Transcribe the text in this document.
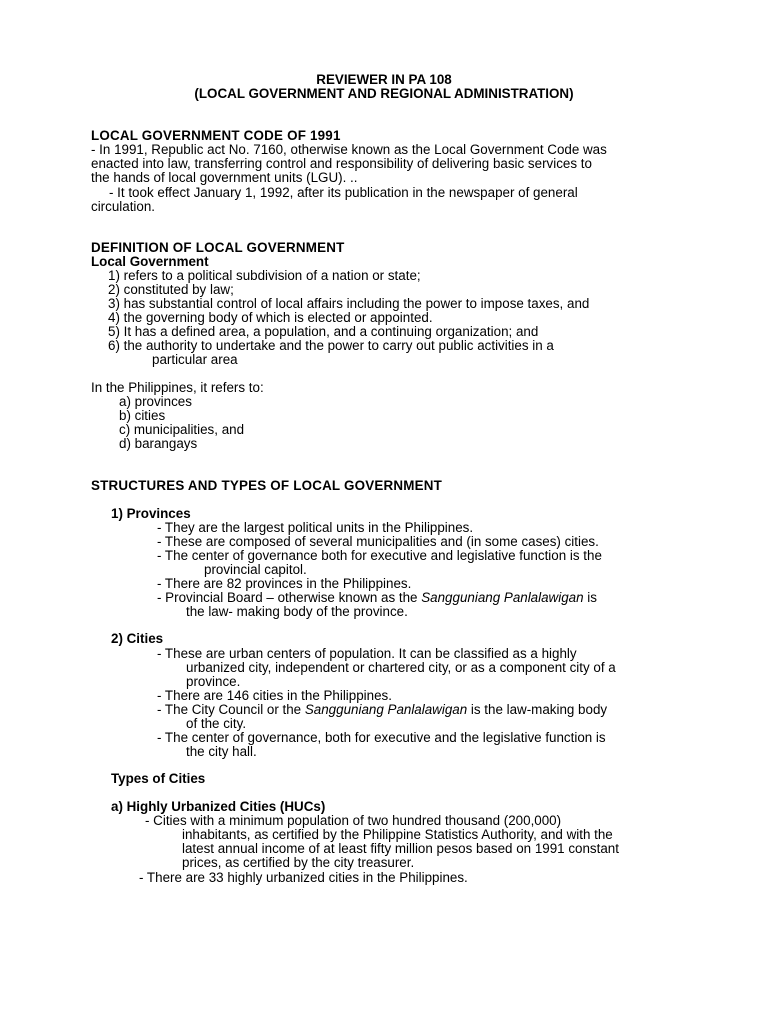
REVIEWER IN PA 108
(LOCAL GOVERNMENT AND REGIONAL ADMINISTRATION)
LOCAL GOVERNMENT CODE OF 1991
- In 1991, Republic act No. 7160, otherwise known as the Local Government Code was
enacted into law, transferring control and responsibility of delivering basic services to
the hands of local government units (LGU). ..
- It took effect January 1, 1992, after its publication in the newspaper of general
circulation.
DEFINITION OF LOCAL GOVERNMENT
Local Government
1) refers to a political subdivision of a nation or state;
2) constituted by law;
3) has substantial control of local affairs including the power to impose taxes, and
4) the governing body of which is elected or appointed.
5) It has a defined area, a population, and a continuing organization; and
6) the authority to undertake and the power to carry out public activities in a
particular area
In the Philippines, it refers to:
a) provinces
b) cities
c) municipalities, and
d) barangays
STRUCTURES AND TYPES OF LOCAL GOVERNMENT
1) Provinces
- They are the largest political units in the Philippines.
- These are composed of several municipalities and (in some cases) cities.
- The center of governance both for executive and legislative function is the
provincial capitol.
- There are 82 provinces in the Philippines.
- Provincial Board – otherwise known as the Sangguniang Panlalawigan is
the law- making body of the province.
2) Cities
- These are urban centers of population. It can be classified as a highly
urbanized city, independent or chartered city, or as a component city of a
province.
- There are 146 cities in the Philippines.
- The City Council or the Sangguniang Panlalawigan is the law-making body
of the city.
- The center of governance, both for executive and the legislative function is
the city hall.
Types of Cities
a) Highly Urbanized Cities (HUCs)
- Cities with a minimum population of two hundred thousand (200,000)
inhabitants, as certified by the Philippine Statistics Authority, and with the
latest annual income of at least fifty million pesos based on 1991 constant
prices, as certified by the city treasurer.
- There are 33 highly urbanized cities in the Philippines.
